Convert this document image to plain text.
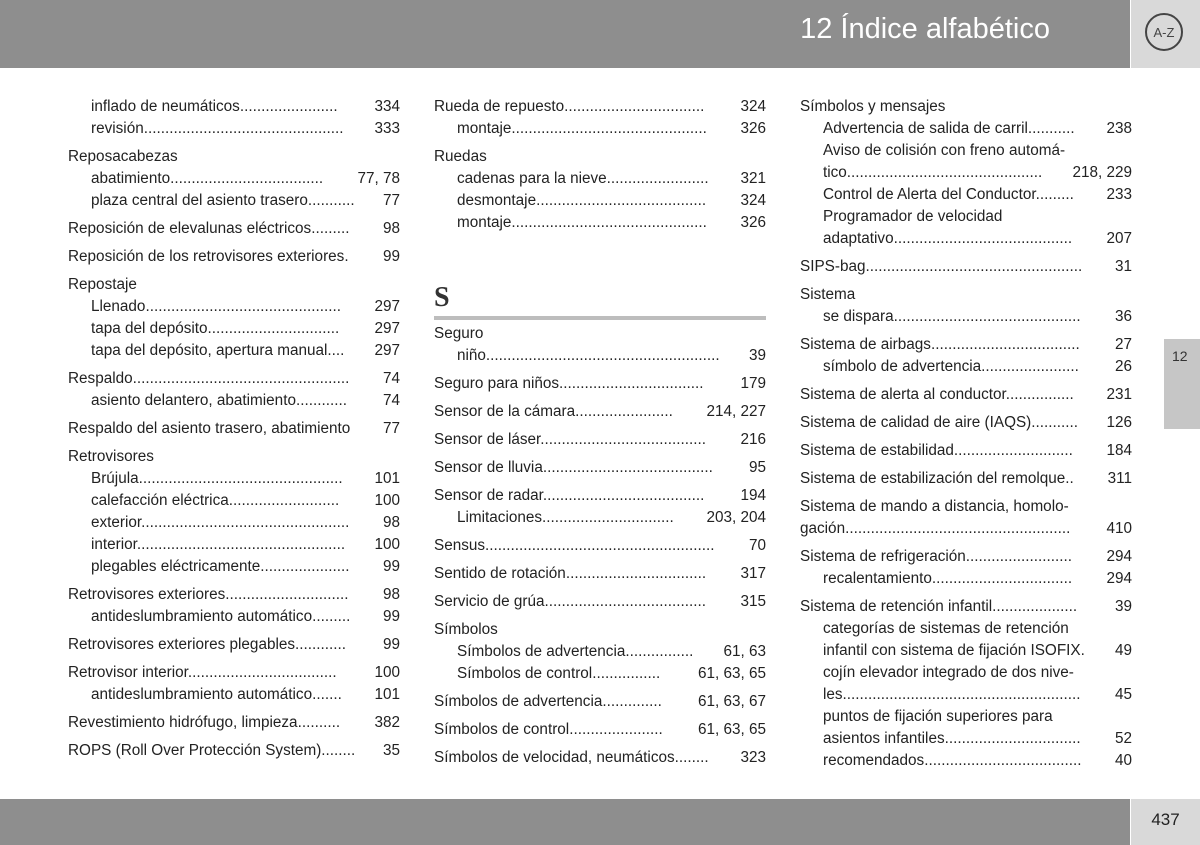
12 Índice alfabético	A-Z
12
inflado de neumáticos.......................	334
revisión...............................................	333
Reposacabezas
abatimiento....................................	77, 78
plaza central del asiento trasero...........	77
Reposición de elevalunas eléctricos.........	98
Reposición de los retrovisores exteriores.	99
Repostaje
Llenado..............................................	297
tapa del depósito...............................	297
tapa del depósito, apertura manual....	297
Respaldo...................................................	74
asiento delantero, abatimiento............	74
Respaldo del asiento trasero, abatimiento	77
Retrovisores
Brújula................................................	101
calefacción eléctrica..........................	100
exterior.................................................	98
interior.................................................	100
plegables eléctricamente.....................	99
Retrovisores exteriores.............................	98
antideslumbramiento automático.........	99
Retrovisores exteriores plegables............	99
Retrovisor interior...................................	100
antideslumbramiento automático.......	101
Revestimiento hidrófugo, limpieza..........	382
ROPS (Roll Over Protección System)........	35
Rueda de repuesto.................................	324
montaje..............................................	326
Ruedas
cadenas para la nieve........................	321
desmontaje........................................	324
montaje..............................................	326
S
Seguro
niño.......................................................	39
Seguro para niños..................................	179
Sensor de la cámara.......................	214, 227
Sensor de láser.......................................	216
Sensor de lluvia........................................	95
Sensor de radar......................................	194
Limitaciones...............................	203, 204
Sensus......................................................	70
Sentido de rotación.................................	317
Servicio de grúa......................................	315
Símbolos
Símbolos de advertencia................	61, 63
Símbolos de control................	61, 63, 65
Símbolos de advertencia..............	61, 63, 67
Símbolos de control......................	61, 63, 65
Símbolos de velocidad, neumáticos........	323
Símbolos y mensajes
Advertencia de salida de carril...........	238
Aviso de colisión con freno automá-
tico..............................................	218, 229
Control de Alerta del Conductor.........	233
Programador de velocidad
adaptativo..........................................	207
SIPS-bag...................................................	31
Sistema
se dispara............................................	36
Sistema de airbags...................................	27
símbolo de advertencia.......................	26
Sistema de alerta al conductor................	231
Sistema de calidad de aire (IAQS)...........	126
Sistema de estabilidad............................	184
Sistema de estabilización del remolque..	311
Sistema de mando a distancia, homolo-
gación.....................................................	410
Sistema de refrigeración.........................	294
recalentamiento.................................	294
Sistema de retención infantil....................	39
categorías de sistemas de retención
infantil con sistema de fijación ISOFIX.	49
cojín elevador integrado de dos nive-
les........................................................	45
puntos de fijación superiores para
asientos infantiles................................	52
recomendados.....................................	40
437
